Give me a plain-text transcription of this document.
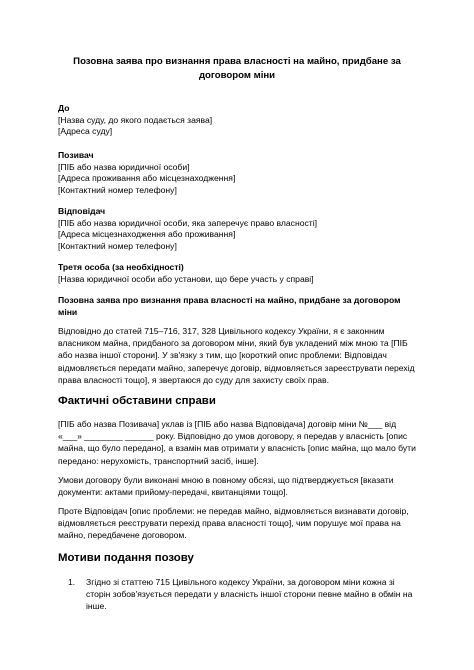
Позовна заява про визнання права власності на майно, придбане за договором міни
До
[Назва суду, до якого подається заява]
[Адреса суду]
Позивач
[ПІБ або назва юридичної особи]
[Адреса проживання або місцезнаходження]
[Контактний номер телефону]
Відповідач
[ПІБ або назва юридичної особи, яка заперечує право власності]
[Адреса місцезнаходження або проживання]
[Контактний номер телефону]
Третя особа (за необхідності)
[Назва юридичної особи або установи, що бере участь у справі]
Позовна заява про визнання права власності на майно, придбане за договором міни
Відповідно до статей 715–716, 317, 328 Цивільного кодексу України, я є законним власником майна, придбаного за договором міни, який був укладений між мною та [ПІБ або назва іншої сторони]. У зв'язку з тим, що [короткий опис проблеми: Відповідач відмовляється передати майно, заперечує договір, відмовляється зареєструвати перехід права власності тощо], я звертаюся до суду для захисту своїх прав.
Фактичні обставини справи
[ПІБ або назва Позивача] уклав із [ПІБ або назва Відповідача] договір міни №___ від «___» ________ ______ року. Відповідно до умов договору, я передав у власність [опис майна, що було передано], а взамін мав отримати у власність [опис майна, що мало бути передано: нерухомість, транспортний засіб, інше].
Умови договору були виконані мною в повному обсязі, що підтверджується [вказати документи: актами прийому-передачі, квитанціями тощо].
Проте Відповідач [опис проблеми: не передав майно, відмовляється визнавати договір, відмовляється реєструвати перехід права власності тощо], чим порушує мої права на майно, передбачене договором.
Мотиви подання позову
1. Згідно зі статтею 715 Цивільного кодексу України, за договором міни кожна зі сторін зобов'язується передати у власність іншої сторони певне майно в обмін на інше.
